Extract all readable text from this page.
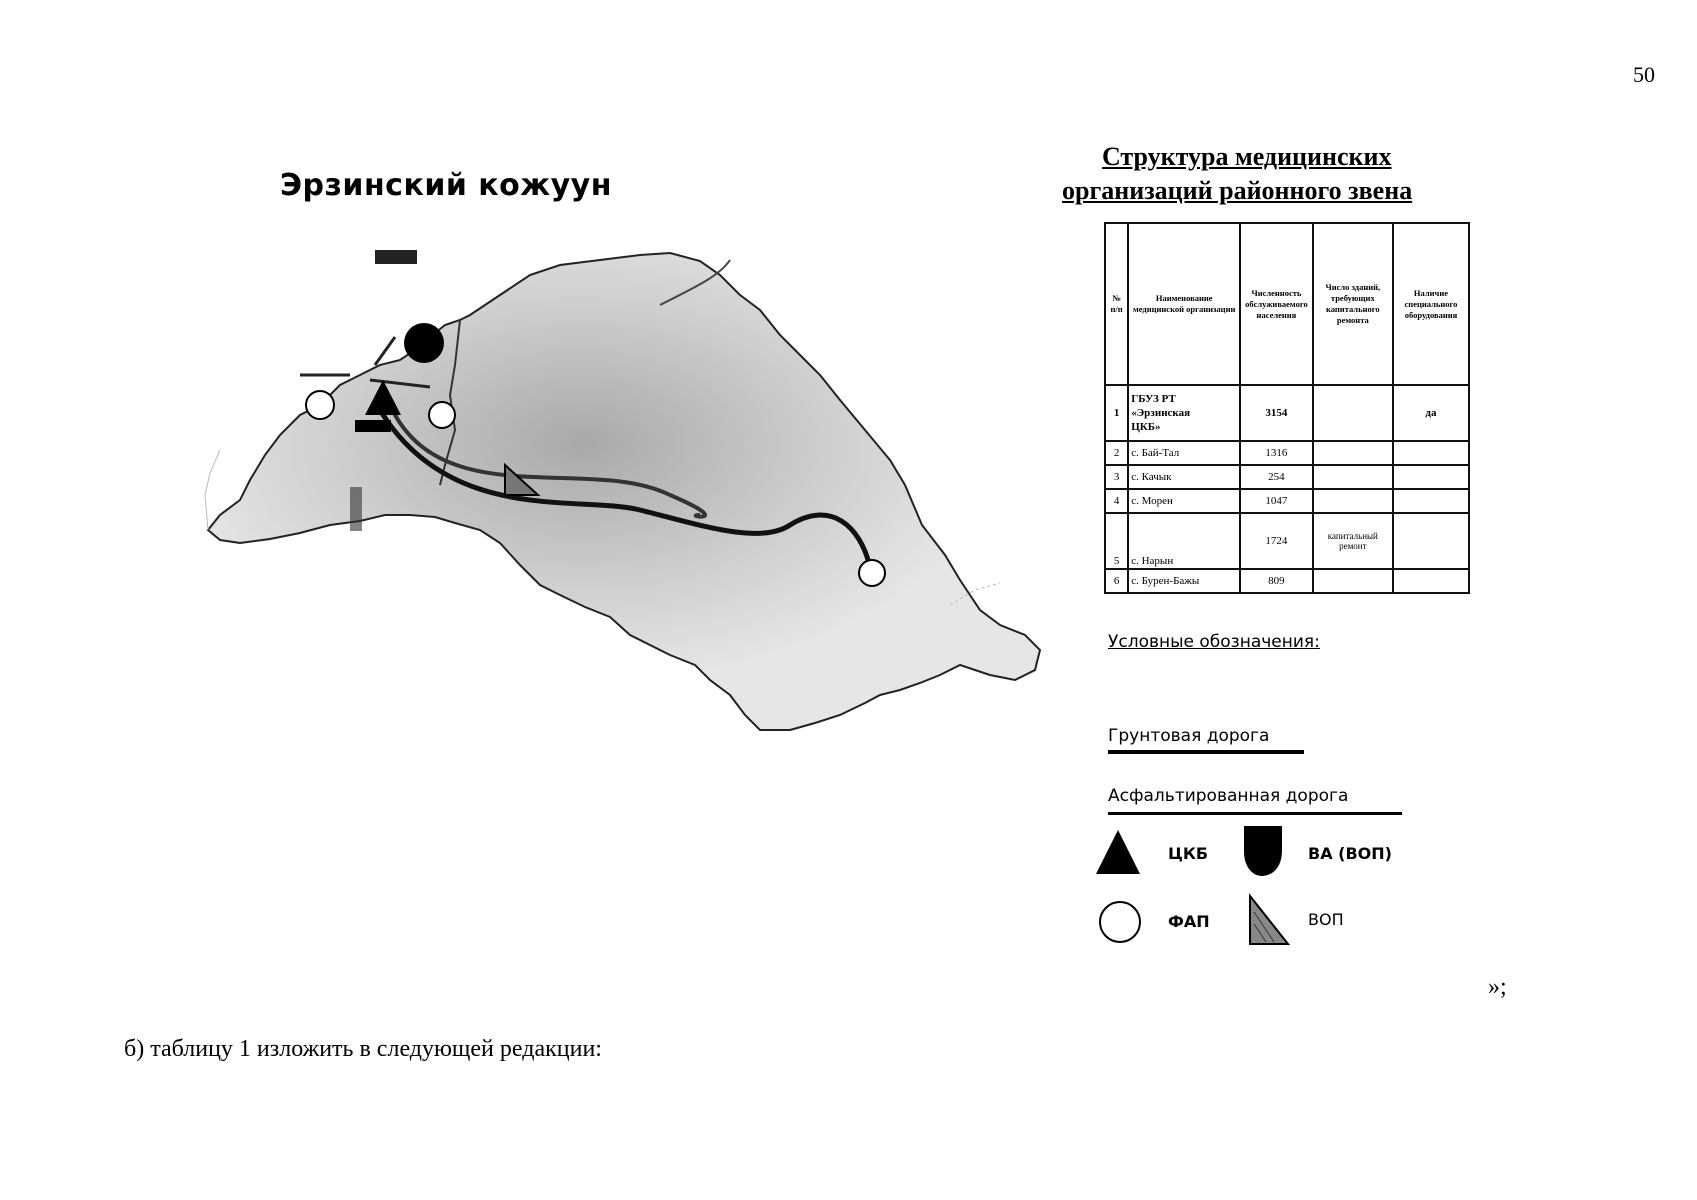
50
Эрзинский кожуун
Структура медицинских
организаций районного звена
№ п/п	Наименование медицинской организации	Численность обслуживаемого населения	Число зданий, требующих капитального ремонта	Наличие специального оборудования
1	ГБУЗ РТ
«Эрзинская
ЦКБ»	3154		да
2	с. Бай-Тал	1316		
3	с. Качык	254		
4	с. Морен	1047		
5	с. Нарын	1724	капитальный ремонт	
6	с. Бурен-Бажы	809		
Условные обозначения:
Грунтовая дорога
Асфальтированная дорога
ЦКБ	ВА (ВОП)
ФАП	ВОП
»;
б) таблицу 1 изложить в следующей редакции:
